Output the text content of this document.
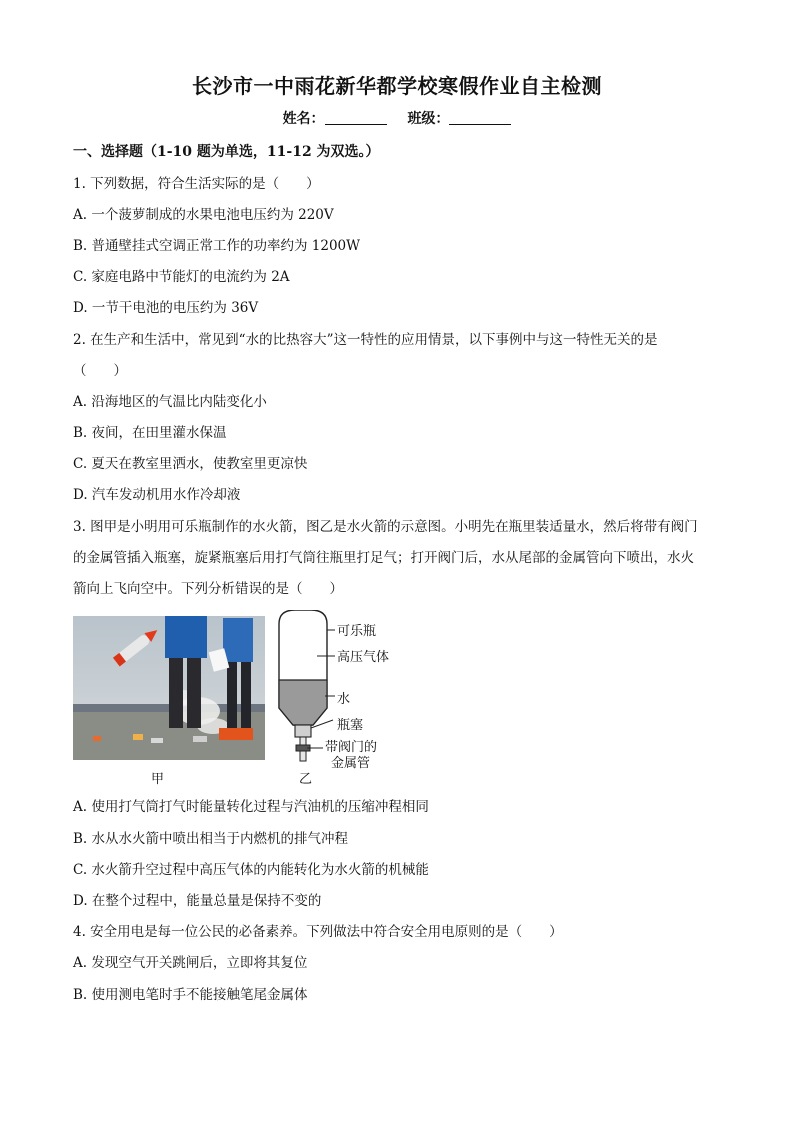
长沙市一中雨花新华都学校寒假作业自主检测
姓名：	班级：
一、选择题（1-10 题为单选，11-12 为双选。）
1. 下列数据，符合生活实际的是（　　）
A. 一个菠萝制成的水果电池电压约为 220V
B. 普通壁挂式空调正常工作的功率约为 1200W
C. 家庭电路中节能灯的电流约为 2A
D. 一节干电池的电压约为 36V
2. 在生产和生活中，常见到“水的比热容大”这一特性的应用情景，以下事例中与这一特性无关的是
（　　）
A. 沿海地区的气温比内陆变化小
B. 夜间，在田里灌水保温
C. 夏天在教室里洒水，使教室里更凉快
D. 汽车发动机用水作冷却液
3. 图甲是小明用可乐瓶制作的水火箭，图乙是水火箭的示意图。小明先在瓶里装适量水，然后将带有阀门
的金属管插入瓶塞，旋紧瓶塞后用打气筒往瓶里打足气；打开阀门后，水从尾部的金属管向下喷出，水火
箭向上飞向空中。下列分析错误的是（　　）
甲
可乐瓶
高压气体
水
瓶塞
带阀门的
金属管
乙
A. 使用打气筒打气时能量转化过程与汽油机的压缩冲程相同
B. 水从水火箭中喷出相当于内燃机的排气冲程
C. 水火箭升空过程中高压气体的内能转化为水火箭的机械能
D. 在整个过程中，能量总量是保持不变的
4. 安全用电是每一位公民的必备素养。下列做法中符合安全用电原则的是（　　）
A. 发现空气开关跳闸后，立即将其复位
B. 使用测电笔时手不能接触笔尾金属体
